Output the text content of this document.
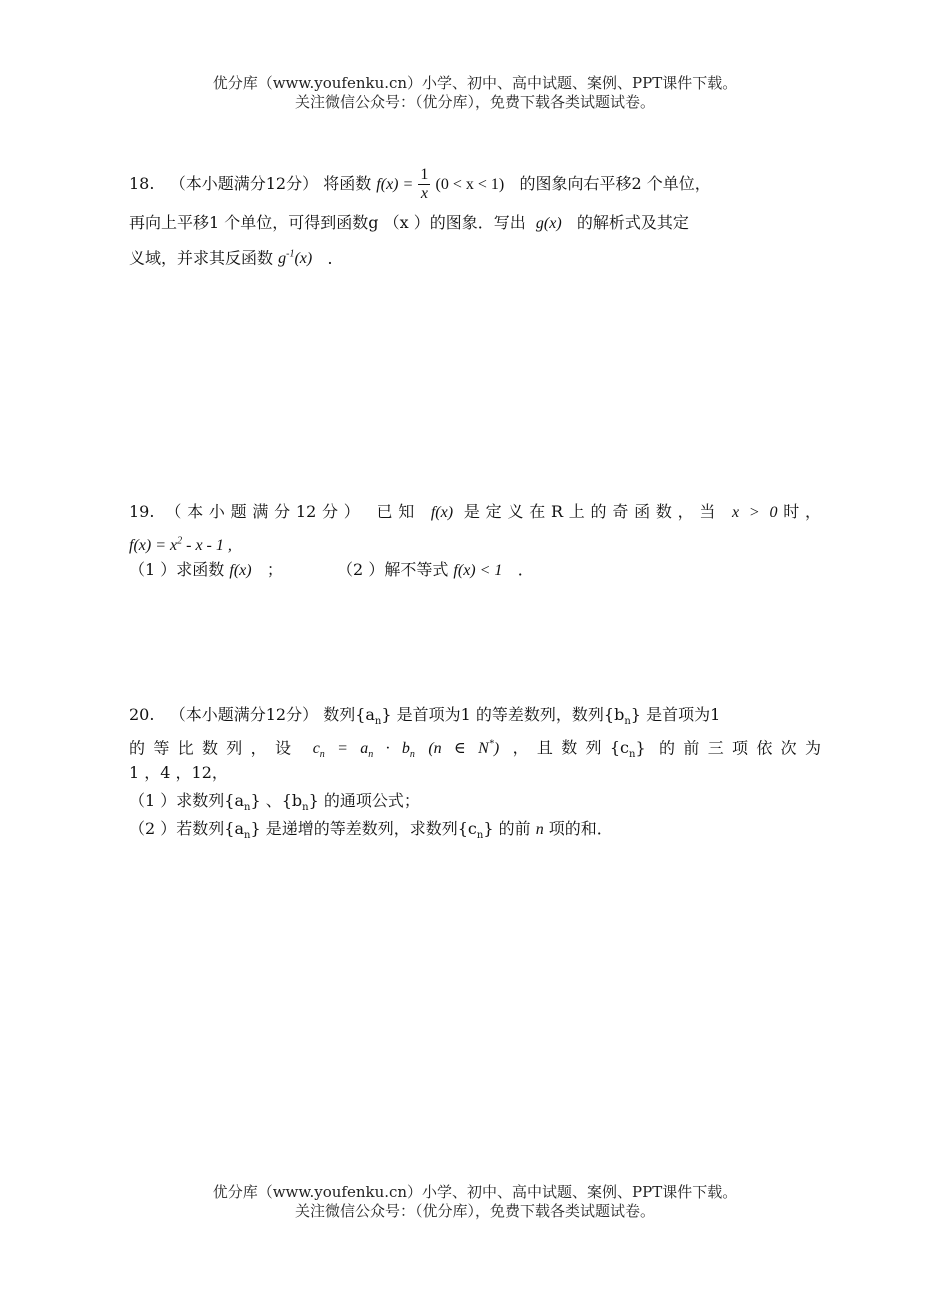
优分库（www.youfenku.cn）小学、初中、高中试题、案例、PPT课件下载。
关注微信公众号：（优分库），免费下载各类试题试卷。
18. （本小题满分12分） 将函数 $f(x) = \frac{1}{x} (0 < x < 1)$ 的图象向右平移2 个单位，
再向上平移1 个单位，可得到函数g （x ）的图象．写出 g(x) 的解析式及其定
义域，并求其反函数 $g^{-1}(x)$ ．
19. （本小题满分12分） 已知 f(x) 是定义在R上的奇函数，当 x > 0时，
$f(x) = x^2 - x - 1$ ,
（1 ）求函数 f(x) ；	（2 ）解不等式 f(x) < 1 ．
20. （本小题满分12分） 数列$\{a_n\}$ 是首项为1 的等差数列，数列$\{b_n\}$ 是首项为1
的等比数列，设 $c_n = a_n \cdot b_n$ (n ∈ N*) ，且数列$\{c_n\}$ 的前三项依次为
1 ，4 ，12，
（1 ）求数列$\{a_n\}$ 、$\{b_n\}$ 的通项公式；
（2 ）若数列$\{a_n\}$ 是递增的等差数列，求数列$\{c_n\}$ 的前 n 项的和．
优分库（www.youfenku.cn）小学、初中、高中试题、案例、PPT课件下载。
关注微信公众号：（优分库），免费下载各类试题试卷。
